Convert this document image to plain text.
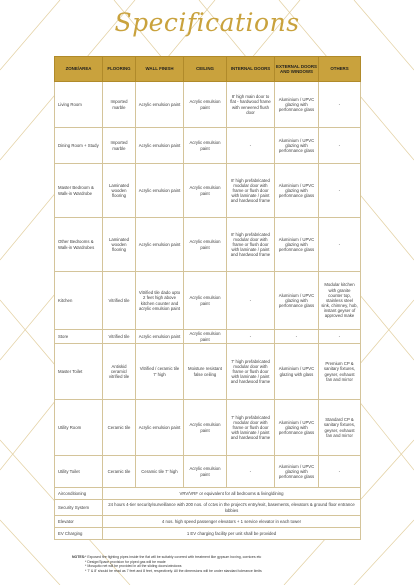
Specifications
ZONE/AREA	FLOORING	WALL FINISH	CEILING	INTERNAL DOORS	EXTERNAL DOORS AND WINDOWS	OTHERS
Living Room	Imported marble	Acrylic emulsion paint	Acrylic emulsion paint	8' high main door to flat - hardwood frame with veneered flush door	Aluminium / UPVC glazing with performance glass	-
Dining Room + Study	Imported marble	Acrylic emulsion paint	Acrylic emulsion paint	-	Aluminium / UPVC glazing with performance glass	-
Master Bedroom & Walk-in Wardrobe	Laminated wooden flooring	Acrylic emulsion paint	Acrylic emulsion paint	8' high prefabricated modular door with frame or flush door with laminate / paint and hardwood frame	Aluminium / UPVC glazing with performance glass	-
Other Bedrooms & Walk-in Wardrobes	Laminated wooden flooring	Acrylic emulsion paint	Acrylic emulsion paint	8' high prefabricated modular door with frame or flush door with laminate / paint and hardwood frame	Aluminium / UPVC glazing with performance glass	-
Kitchen	Vitrified tile	Vitrified tile dado upto 2 feet high above kitchen counter and acrylic emulsion paint	Acrylic emulsion paint	-	Aluminium / UPVC glazing with performance glass	Modular kitchen with granite counter top, stainless steel sink, chimney, hob, instant geyser of approved make
Store	Vitrified tile	Acrylic emulsion paint	Acrylic emulsion paint	-	-	-
Master Toilet	Antiskid ceramic/ vitrified tile	Vitrified / ceramic tile 7' high	Moisture resistant false ceiling	7' high prefabricated modular door with frame or flush door with laminate / paint and hardwood frame	Aluminium / UPVC glazing with glass	Premium CP & sanitary fixtures, geyser, exhaust fan and mirror
Utility Room	Ceramic tile	Acrylic emulsion paint	Acrylic emulsion paint	7' high prefabricated modular door with frame or flush door with laminate / paint and hardwood frame	Aluminium / UPVC glazing with performance glass	Standard CP & sanitary fixtures, geyser, exhaust fan and mirror
Utility Toilet	Ceramic tile	Ceramic tile 7' high	Acrylic emulsion paint	-	Aluminium / UPVC glazing with performance glass	-
Airconditioning	VRV/VRF or equivalent for all bedrooms & living/dining					
Security System	24 hours 4-tier security/surveillance with 200 nos. of cctvs in the project's entry/exit, basements, elevators & ground floor entrance lobbies					
Elevator	4 nos. high speed passenger elevators + 1 service elevator in each tower					
EV Charging	1 EV charging facility per unit shall be provided					
NOTES: * Exposed fire fighting pipes inside the flat will be suitably covered with treatment like gypsum boxing, cornices etc
* Design/Space provision for piped gas will be made
* Mosquito net will be provided in all the sliding doors/windows
* 7' & 8' should be read as 7 feet and 8 feet, respectively. All the dimensions will be under standard tolerance limits
